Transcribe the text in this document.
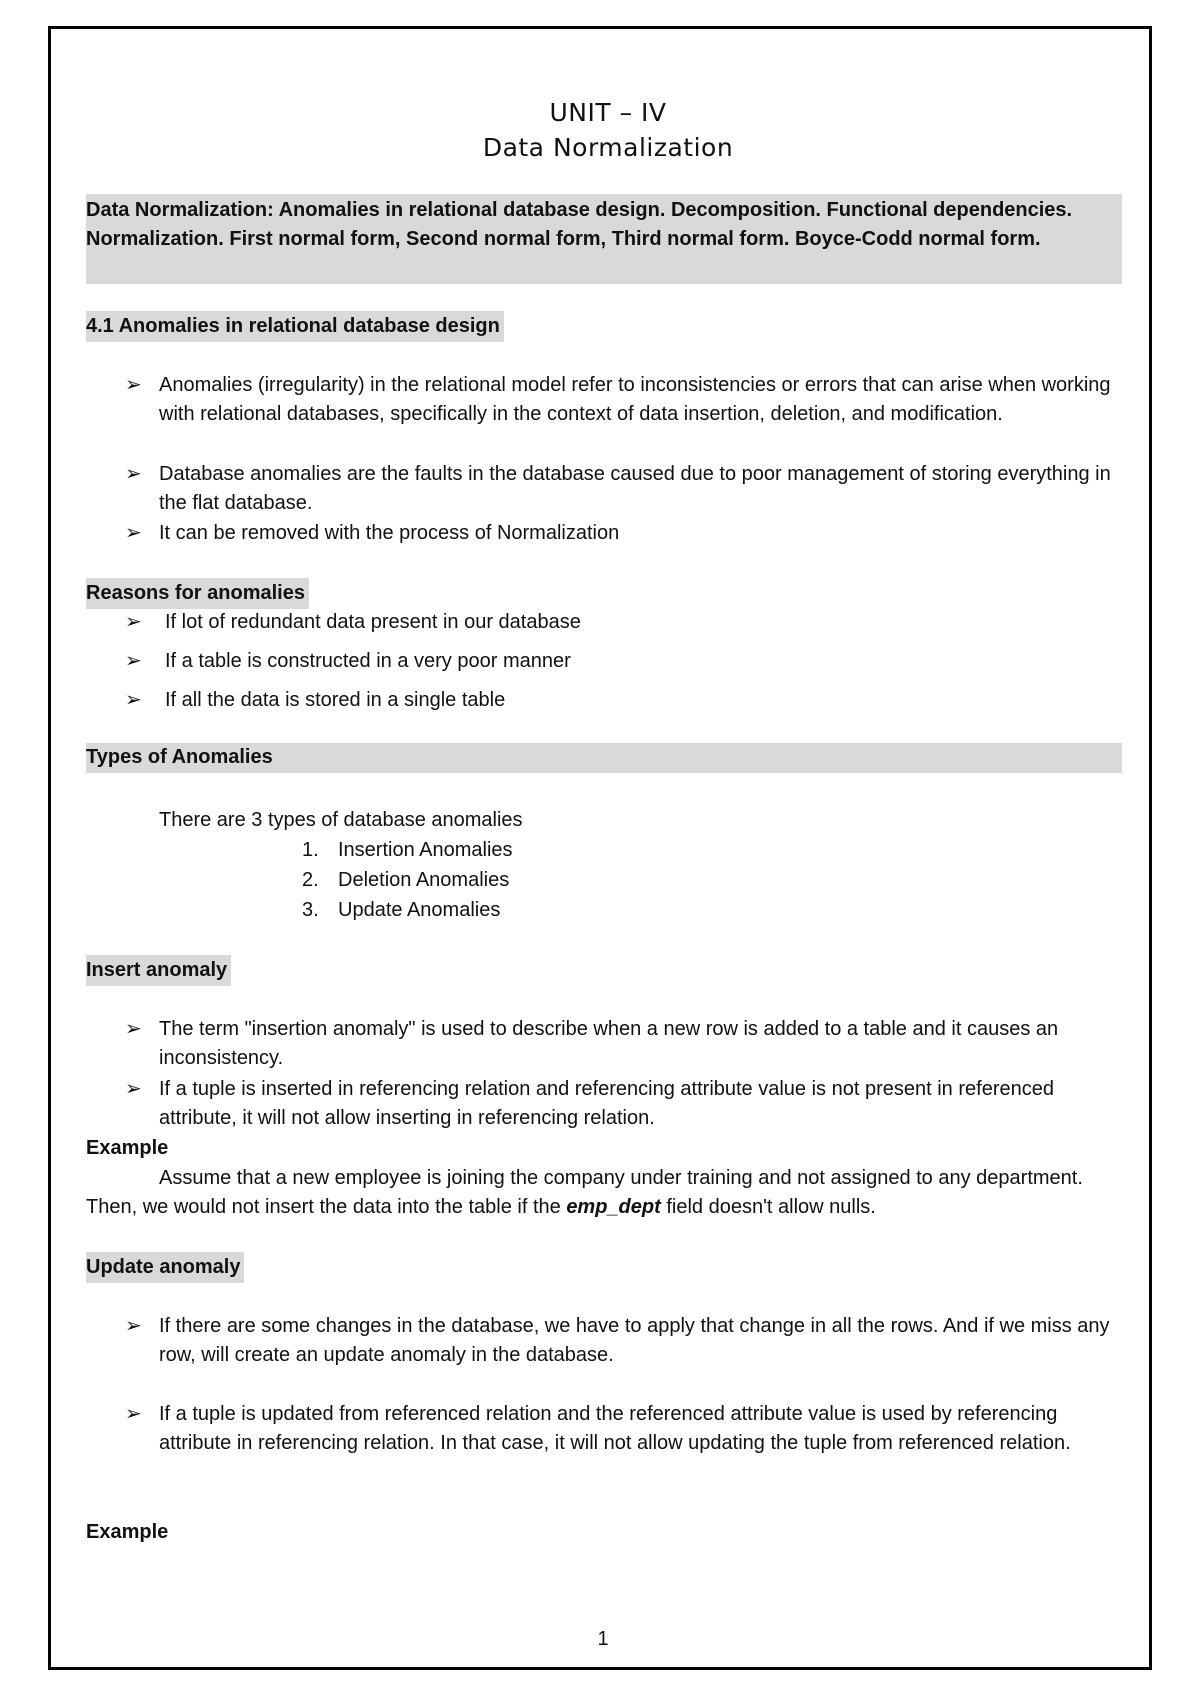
UNIT – IV
Data Normalization
Data Normalization: Anomalies in relational database design. Decomposition. Functional dependencies. Normalization. First normal form, Second normal form, Third normal form. Boyce-Codd normal form.
4.1 Anomalies in relational database design
➢ Anomalies (irregularity) in the relational model refer to inconsistencies or errors that can arise when working with relational databases, specifically in the context of data insertion, deletion, and modification.
➢ Database anomalies are the faults in the database caused due to poor management of storing everything in the flat database.
➢ It can be removed with the process of Normalization
Reasons for anomalies
➢ If lot of redundant data present in our database
➢ If a table is constructed in a very poor manner
➢ If all the data is stored in a single table
Types of Anomalies
There are 3 types of database anomalies
1. Insertion Anomalies
2. Deletion Anomalies
3. Update Anomalies
Insert anomaly
➢ The term "insertion anomaly" is used to describe when a new row is added to a table and it causes an inconsistency.
➢ If a tuple is inserted in referencing relation and referencing attribute value is not present in referenced attribute, it will not allow inserting in referencing relation.
Example
Assume that a new employee is joining the company under training and not assigned to any department. Then, we would not insert the data into the table if the emp_dept field doesn't allow nulls.
Update anomaly
➢ If there are some changes in the database, we have to apply that change in all the rows. And if we miss any row, will create an update anomaly in the database.
➢ If a tuple is updated from referenced relation and the referenced attribute value is used by referencing attribute in referencing relation. In that case, it will not allow updating the tuple from referenced relation.
Example
1
